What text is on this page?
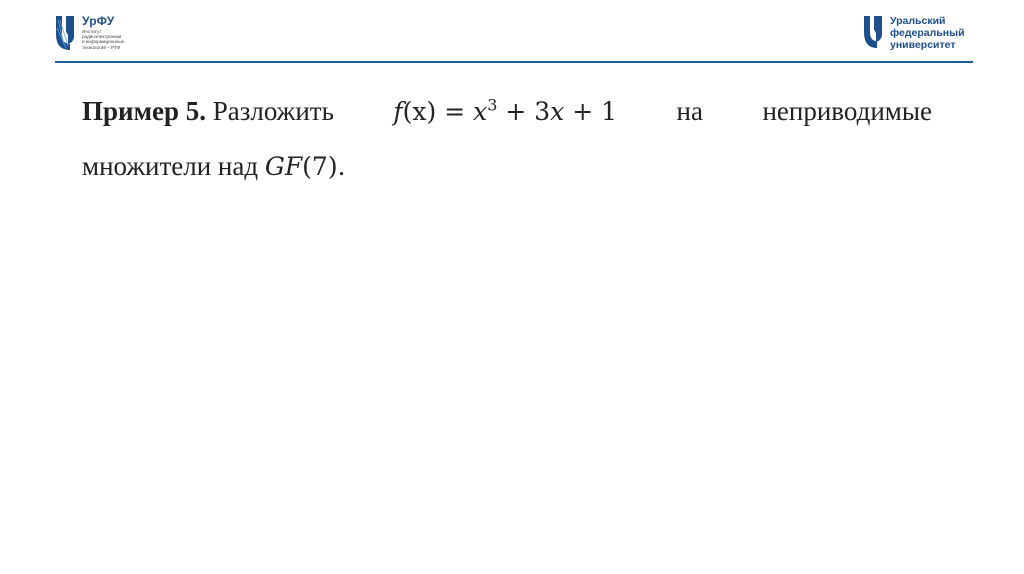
УрФУ
Институт
радиоэлектроники
и информационных
технологий – РТФ
Уральский
федеральный
университет
Пример 5. Разложить $f(x) = x^3 + 3x + 1$ на неприводимые
множители над GF(7).
